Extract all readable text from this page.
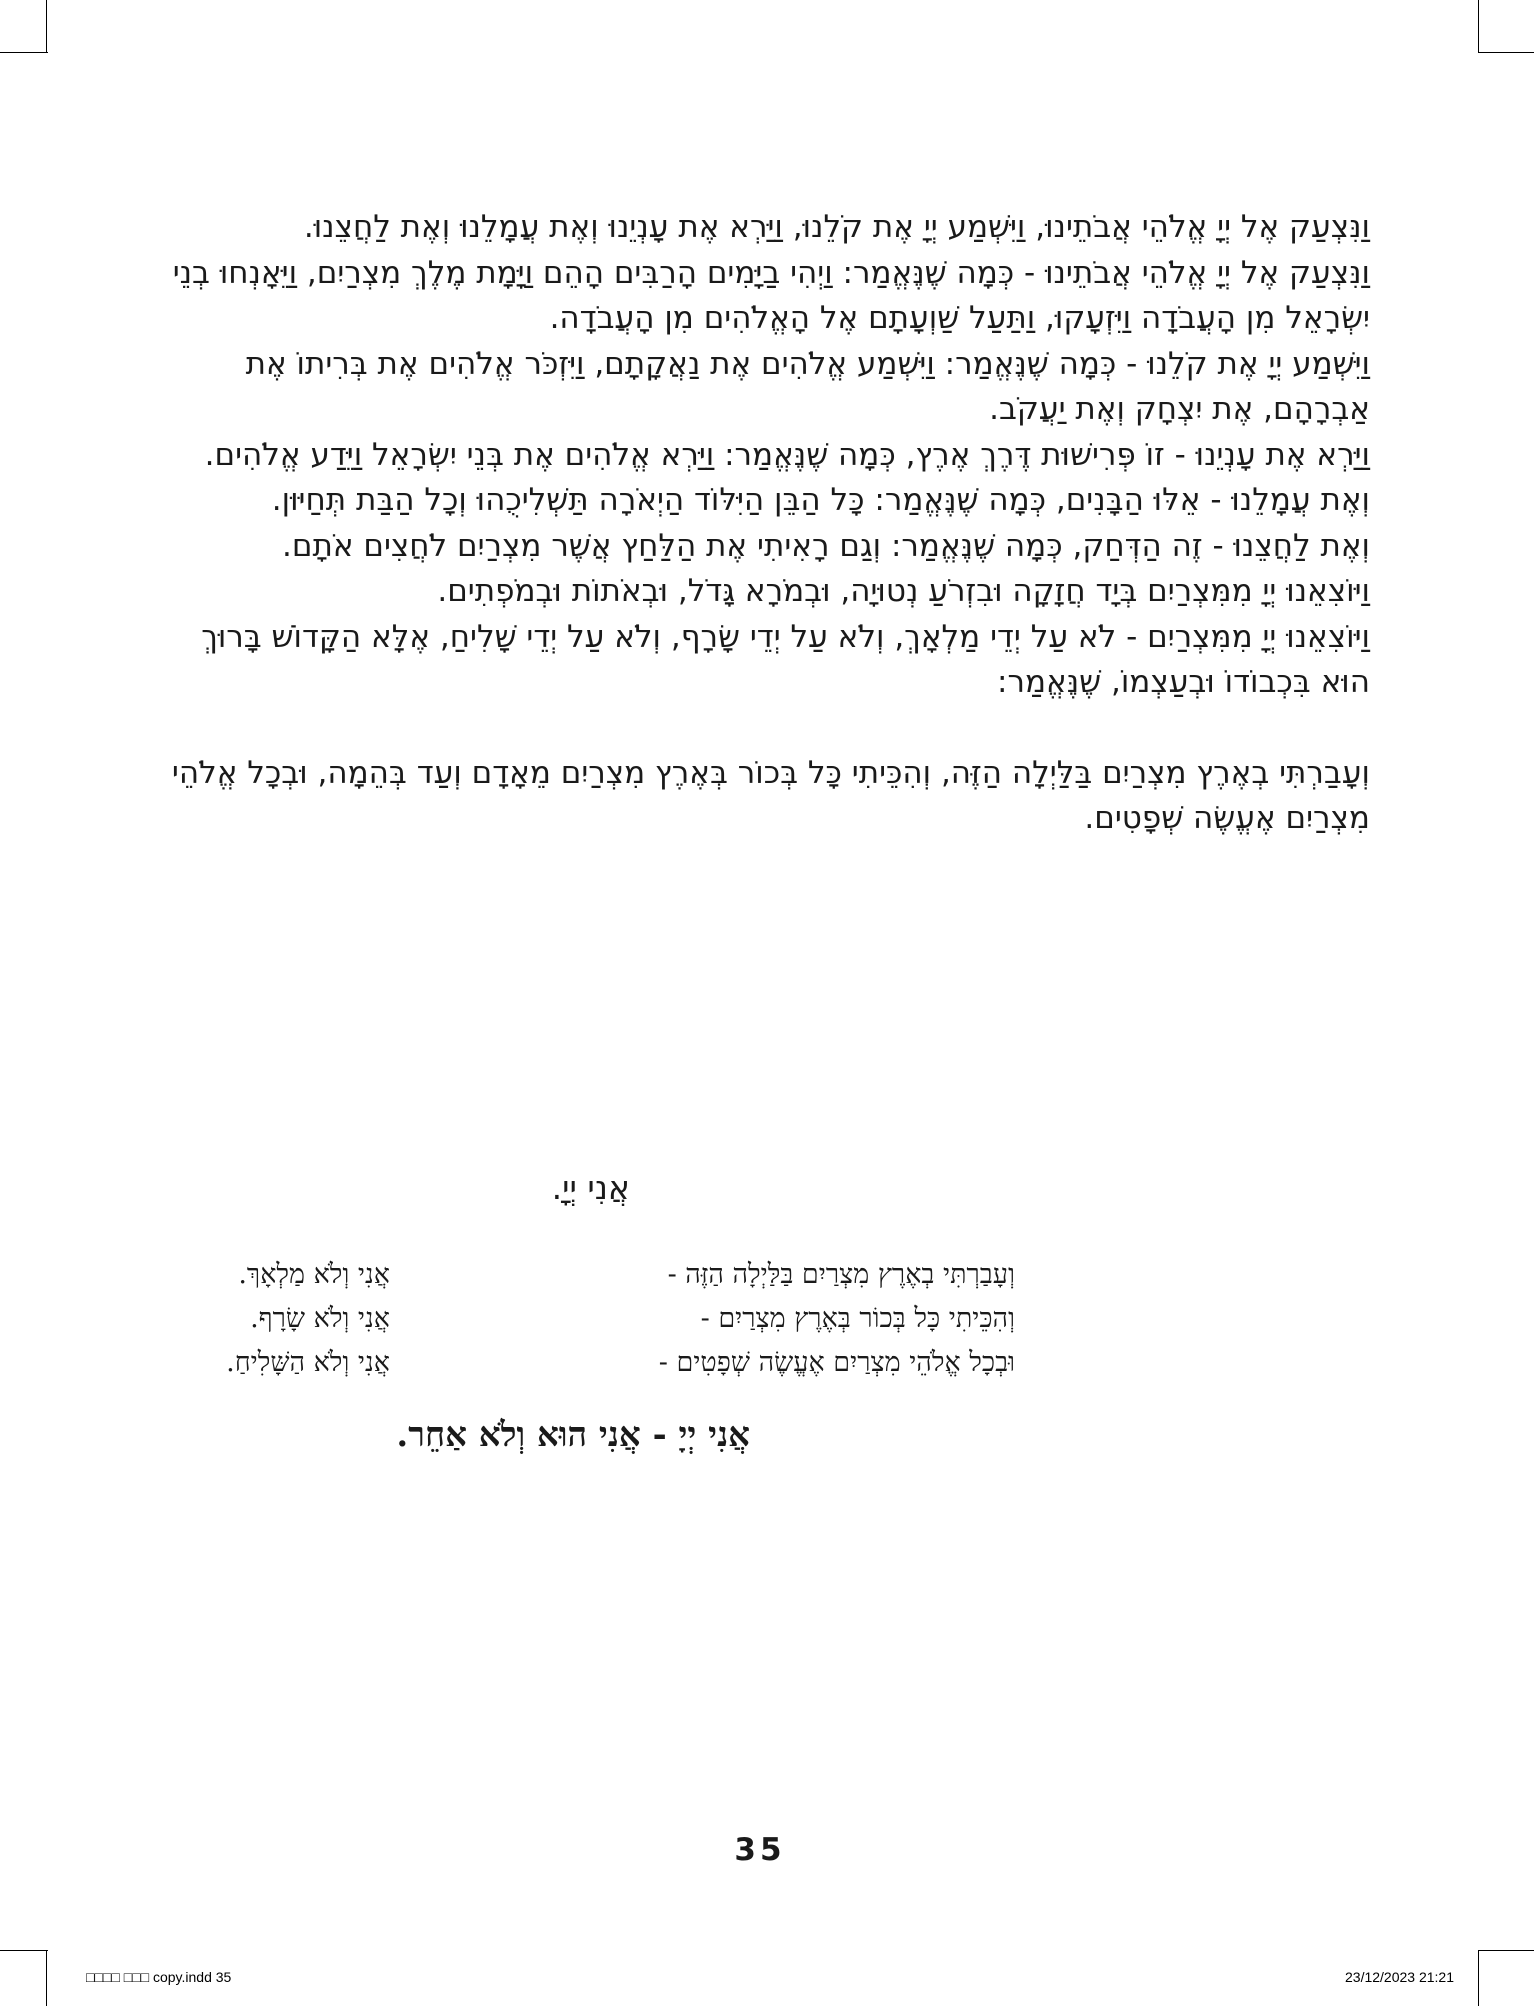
וַנִּצְעַק אֶל יְיָ אֱלֹהֵי אֲבֹתֵינוּ, וַיִּשְׁמַע יְיָ אֶת קֹלֵנוּ, וַיַּרְא אֶת עָנְיֵנוּ וְאֶת עֲמָלֵנוּ וְאֶת לַחֲצֵנוּ.

וַנִּצְעַק אֶל יְיָ אֱלֹהֵי אֲבֹתֵינוּ - כְּמָה שֶׁנֶּאֱמַר: וַיְהִי בַיָּמִים הָרַבִּים הָהֵם וַיָּמָת מֶלֶךְ מִצְרַיִם, וַיֵּאָנְחוּ בְנֵי יִשְׂרָאֵל מִן הָעֲבֹדָה וַיִּזְעָקוּ, וַתַּעַל שַׁוְעָתָם אֶל הָאֱלֹהִים מִן הָעֲבֹדָה.

וַיִּשְׁמַע יְיָ אֶת קֹלֵנוּ - כְּמָה שֶׁנֶּאֱמַר: וַיִּשְׁמַע אֱלֹהִים אֶת נַאֲקָתָם, וַיִּזְכֹּר אֱלֹהִים אֶת בְּרִיתוֹ אֶת אַבְרָהָם, אֶת יִצְחָק וְאֶת יַעֲקֹב.

וַיַּרְא אֶת עָנְיֵנוּ - זוֹ פְּרִישׁוּת דֶּרֶךְ אֶרֶץ, כְּמָה שֶׁנֶּאֱמַר: וַיַּרְא אֱלֹהִים אֶת בְּנֵי יִשְׂרָאֵל וַיֵּדַע אֱלֹהִים.

וְאֶת עֲמָלֵנוּ - אֵלּוּ הַבָּנִים, כְּמָה שֶׁנֶּאֱמַר: כָּל הַבֵּן הַיִּלּוֹד הַיְאֹרָה תַּשְׁלִיכֻהוּ וְכָל הַבַּת תְּחַיּוּן.

וְאֶת לַחֲצֵנוּ - זֶה הַדְּחַק, כְּמָה שֶׁנֶּאֱמַר: וְגַם רָאִיתִי אֶת הַלַּחַץ אֲשֶׁר מִצְרַיִם לֹחֲצִים אֹתָם.

וַיּוֹצִאֵנוּ יְיָ מִמִּצְרַיִם בְּיָד חֲזָקָה וּבִזְרֹעַ נְטוּיָה, וּבְמֹרָא גָּדֹל, וּבְאֹתוֹת וּבְמֹפְתִים.

וַיּוֹצִאֵנוּ יְיָ מִמִּצְרַיִם - לֹא עַל יְדֵי מַלְאָךְ, וְלֹא עַל יְדֵי שָׂרָף, וְלֹא עַל יְדֵי שָׁלִיחַ, אֶלָּא הַקָּדוֹשׁ בָּרוּךְ הוּא בִּכְבוֹדוֹ וּבְעַצְמוֹ, שֶׁנֶּאֱמַר:

וְעָבַרְתִּי בְאֶרֶץ מִצְרַיִם בַּלַּיְלָה הַזֶּה, וְהִכֵּיתִי כָּל בְּכוֹר בְּאֶרֶץ מִצְרַיִם מֵאָדָם וְעַד בְּהֵמָה, וּבְכָל אֱלֹהֵי מִצְרַיִם אֶעֱשֶׂה שְׁפָטִים.

אֲנִי יְיָ.
וְעָבַרְתִּי בְאֶרֶץ מִצְרַיִם בַּלַּיְלָה הַזֶּה -
וְהִכֵּיתִי כָּל בְּכוֹר בְּאֶרֶץ מִצְרַיִם -
וּבְכָל אֱלֹהֵי מִצְרַיִם אֶעֱשֶׂה שְׁפָטִים -
אֲנִי וְלֹא מַלְאָךְ.
אֲנִי וְלֹא שָׂרָף.
אֲנִי וְלֹא הַשָּׁלִיחַ.
אֲנִי יְיָ - אֲנִי הוּא וְלֹא אַחֵר.
35
□□□□ □□□ copy.indd 35	23/12/2023 21:21
